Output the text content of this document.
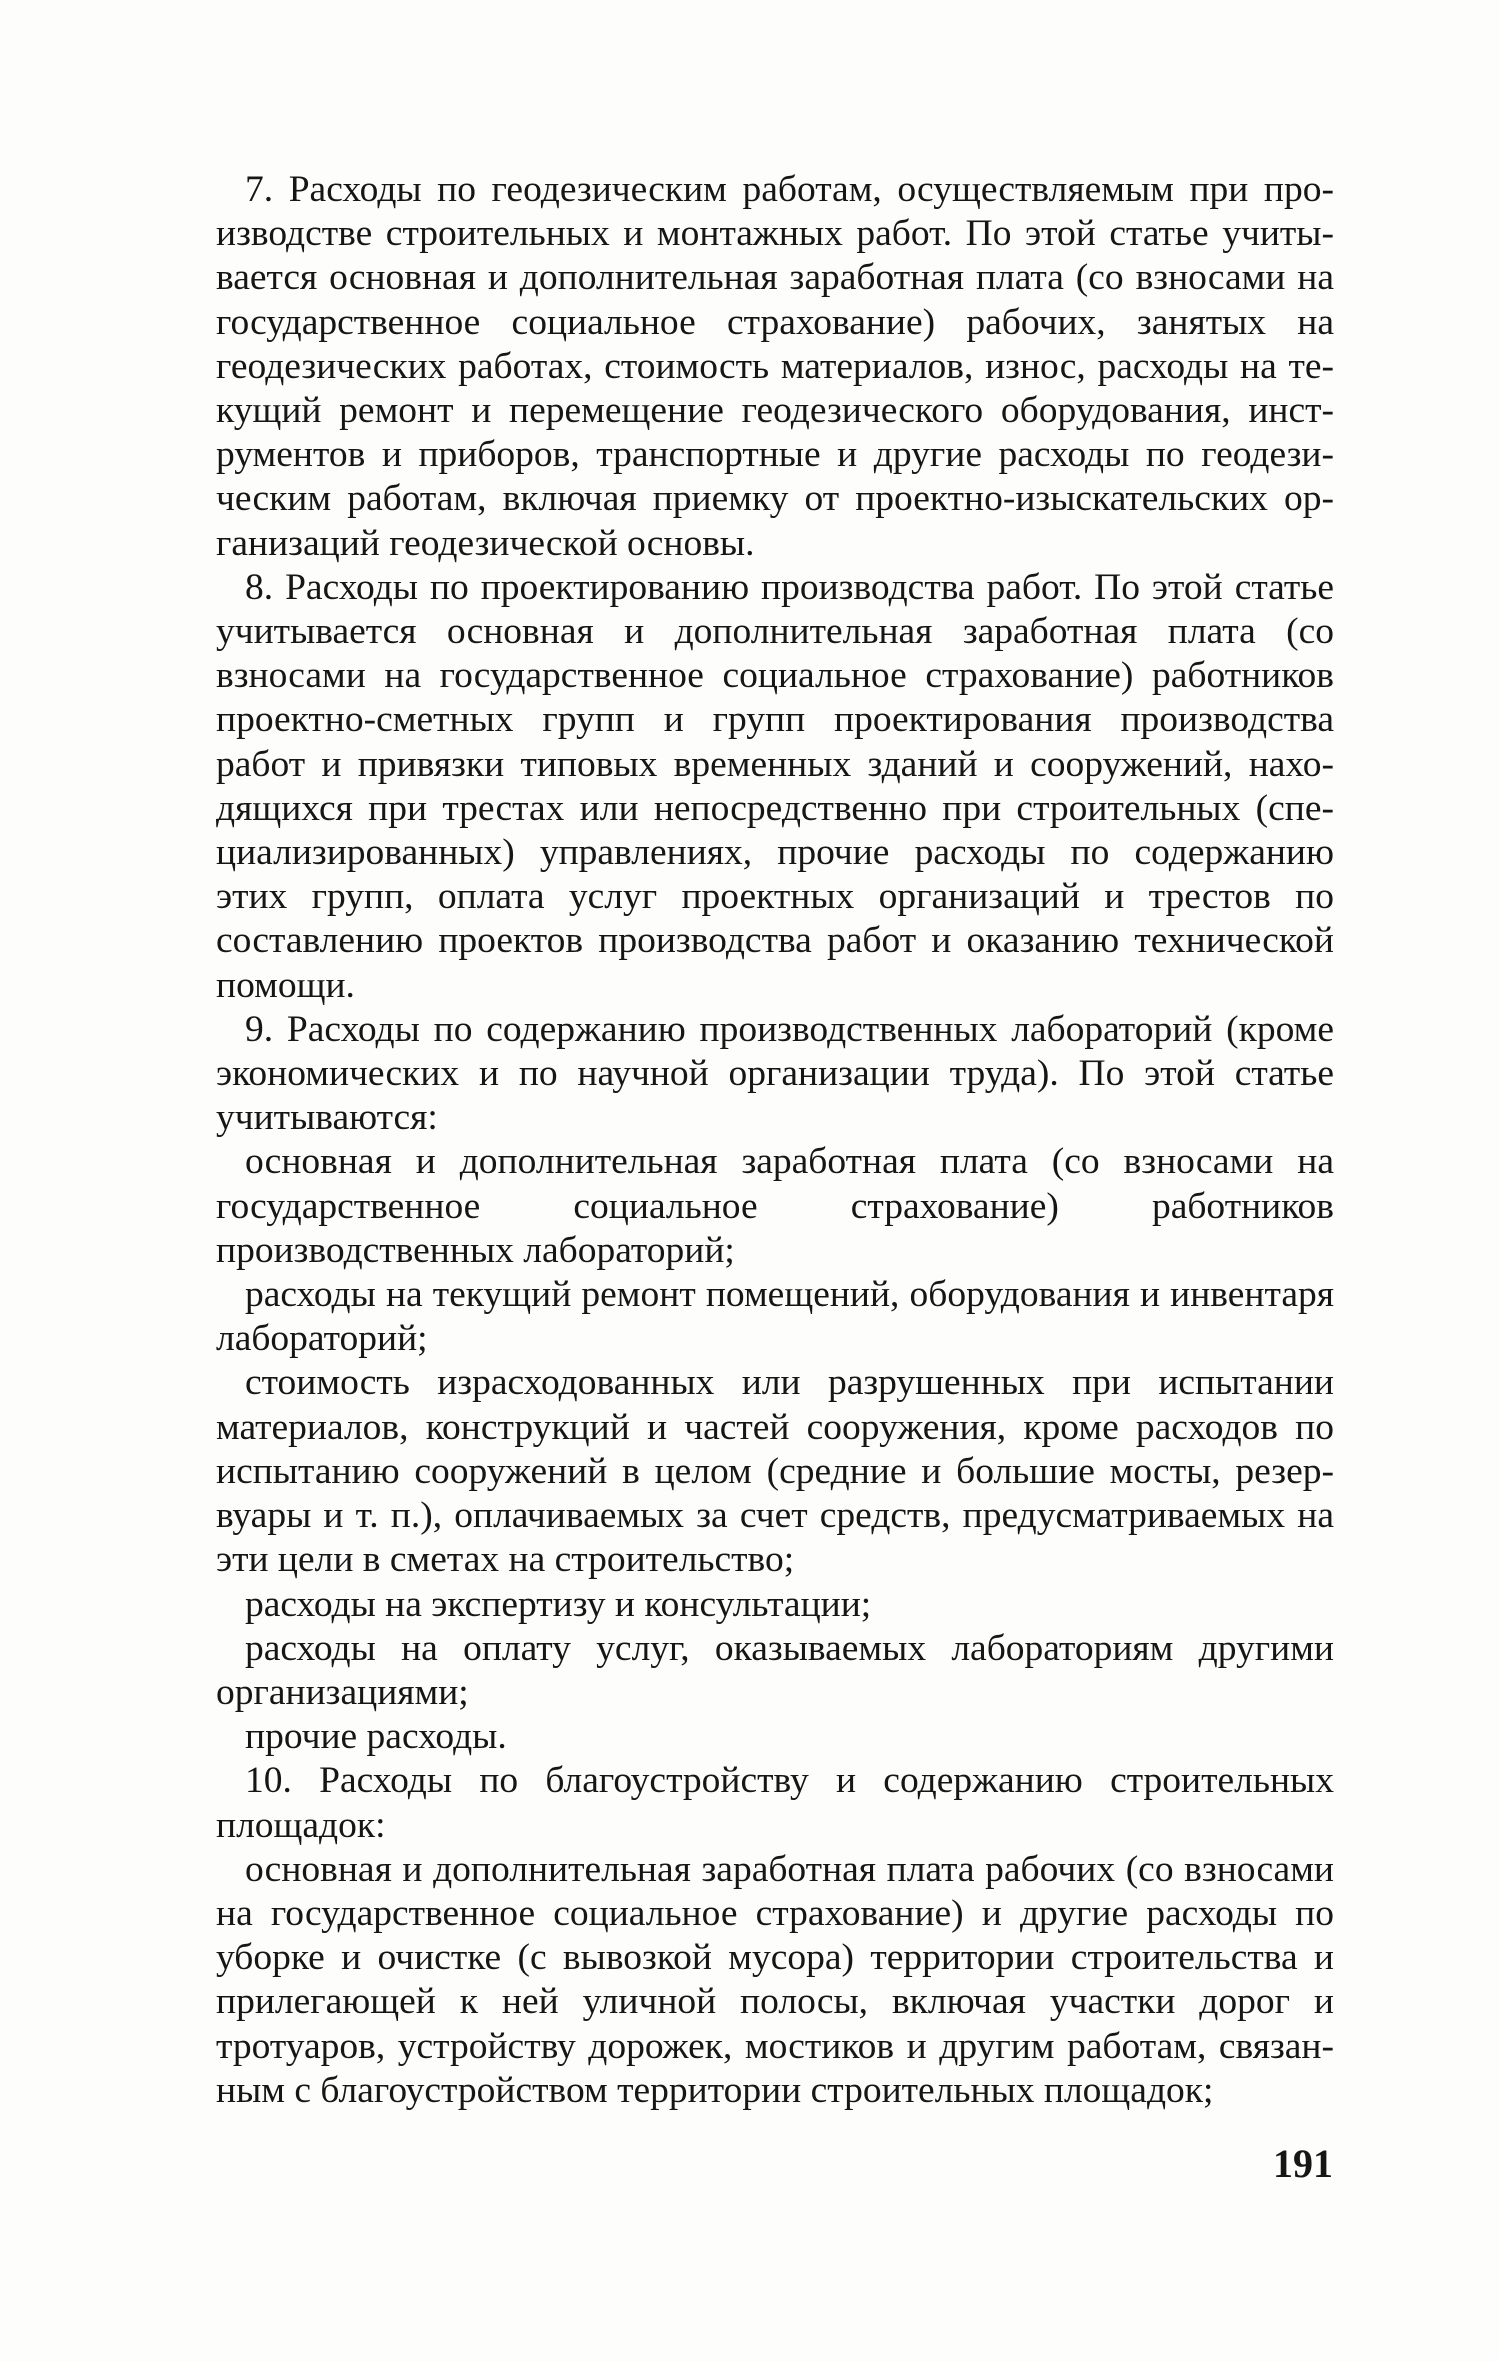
7. Расходы по геодезическим работам, осуществляемым при производстве строительных и монтажных работ. По этой статье учитывается основная и дополнительная заработная плата (со взносами на государственное социальное страхование) рабочих, занятых на геодезических работах, стоимость материалов, износ, расходы на текущий ремонт и перемещение геодезического оборудования, инструментов и приборов, транспортные и другие расходы по геодезическим работам, включая приемку от проектно-изыскательских организаций геодезической основы.

8. Расходы по проектированию производства работ. По этой статье учитывается основная и дополнительная заработная плата (со взносами на государственное социальное страхование) работников проектно-сметных групп и групп проектирования производства работ и привязки типовых временных зданий и сооружений, находящихся при трестах или непосредственно при строительных (специализированных) управлениях, прочие расходы по содержанию этих групп, оплата услуг проектных организаций и трестов по составлению проектов производства работ и оказанию технической помощи.

9. Расходы по содержанию производственных лабораторий (кроме экономических и по научной организации труда). По этой статье учитываются:

основная и дополнительная заработная плата (со взносами на государственное социальное страхование) работников производственных лабораторий;

расходы на текущий ремонт помещений, оборудования и инвентаря лабораторий;

стоимость израсходованных или разрушенных при испытании материалов, конструкций и частей сооружения, кроме расходов по испытанию сооружений в целом (средние и большие мосты, резервуары и т. п.), оплачиваемых за счет средств, предусматриваемых на эти цели в сметах на строительство;

расходы на экспертизу и консультации;

расходы на оплату услуг, оказываемых лабораториям другими организациями;

прочие расходы.

10. Расходы по благоустройству и содержанию строительных площадок:

основная и дополнительная заработная плата рабочих (со взносами на государственное социальное страхование) и другие расходы по уборке и очистке (с вывозкой мусора) территории строительства и прилегающей к ней уличной полосы, включая участки дорог и тротуаров, устройству дорожек, мостиков и другим работам, связанным с благоустройством территории строительных площадок;

191
